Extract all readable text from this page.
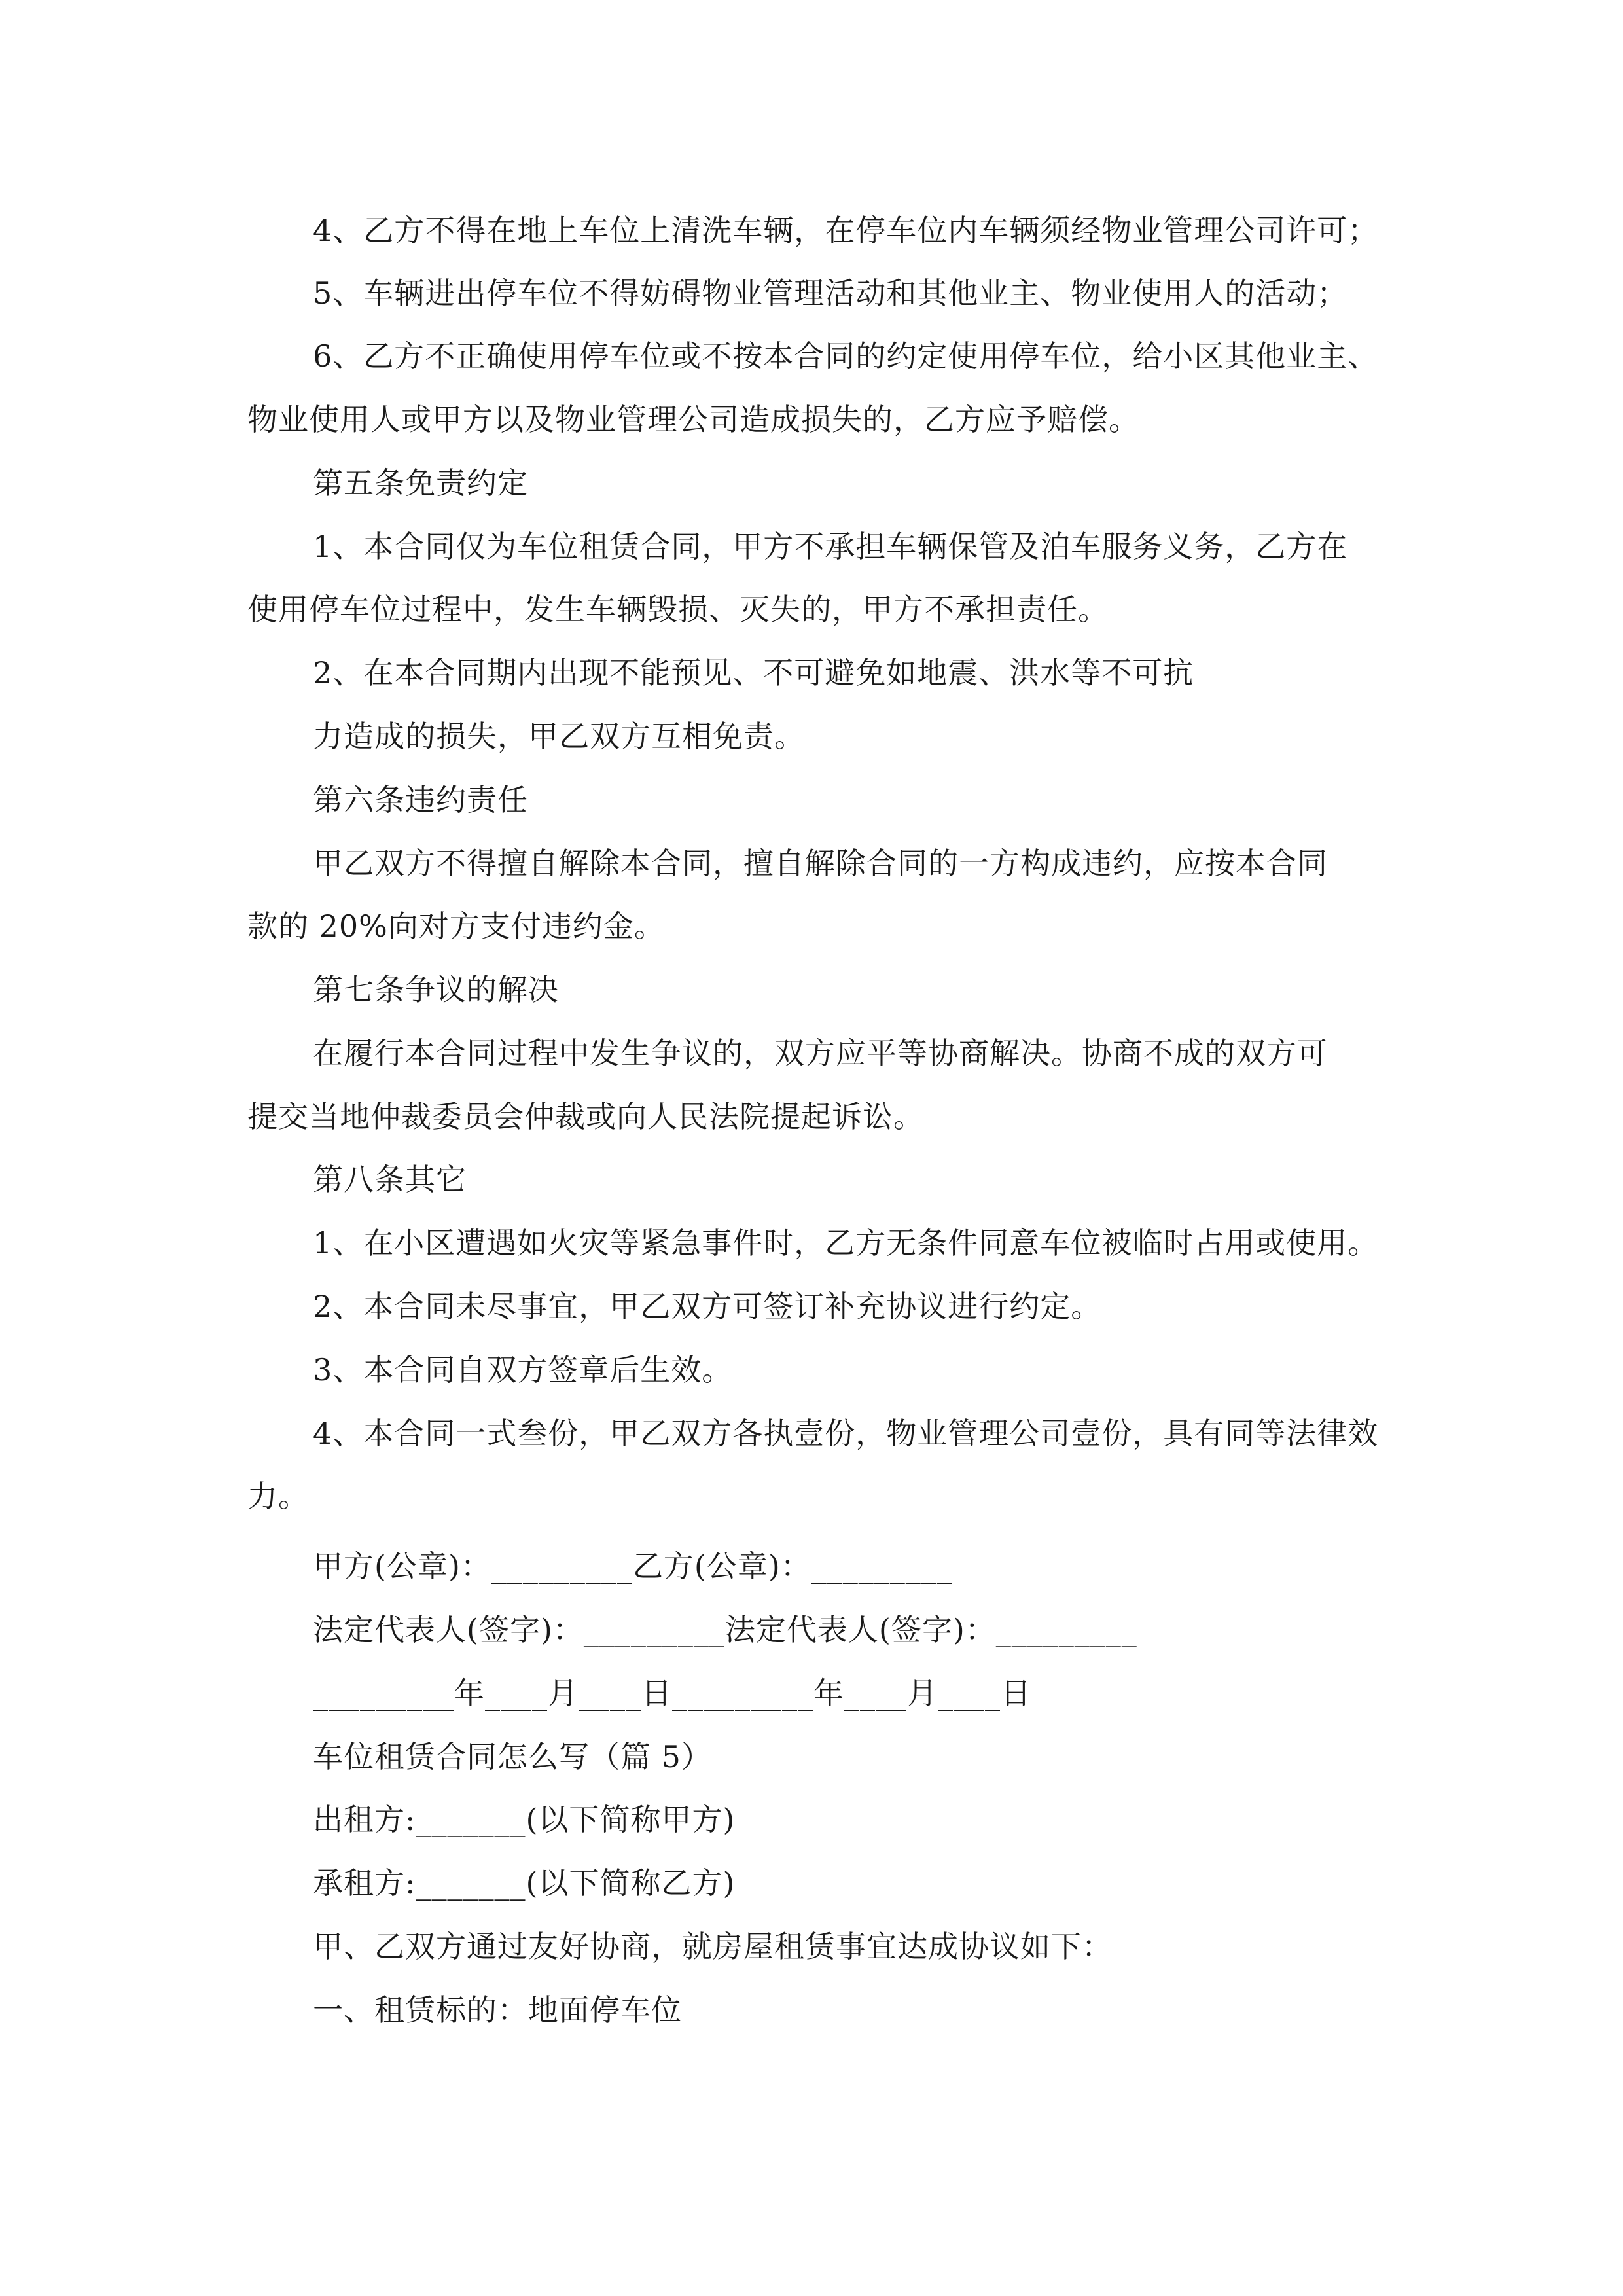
4、乙方不得在地上车位上清洗车辆，在停车位内车辆须经物业管理公司许可；
5、车辆进出停车位不得妨碍物业管理活动和其他业主、物业使用人的活动；
6、乙方不正确使用停车位或不按本合同的约定使用停车位，给小区其他业主、
物业使用人或甲方以及物业管理公司造成损失的，乙方应予赔偿。
第五条免责约定
1、本合同仅为车位租赁合同，甲方不承担车辆保管及泊车服务义务，乙方在
使用停车位过程中，发生车辆毁损、灭失的，甲方不承担责任。
2、在本合同期内出现不能预见、不可避免如地震、洪水等不可抗
力造成的损失，甲乙双方互相免责。
第六条违约责任
甲乙双方不得擅自解除本合同，擅自解除合同的一方构成违约，应按本合同
款的 20%向对方支付违约金。
第七条争议的解决
在履行本合同过程中发生争议的，双方应平等协商解决。协商不成的双方可
提交当地仲裁委员会仲裁或向人民法院提起诉讼。
第八条其它
1、在小区遭遇如火灾等紧急事件时，乙方无条件同意车位被临时占用或使用。
2、本合同未尽事宜，甲乙双方可签订补充协议进行约定。
3、本合同自双方签章后生效。
4、本合同一式叁份，甲乙双方各执壹份，物业管理公司壹份，具有同等法律效
力。
甲方(公章)：_________乙方(公章)：_________
法定代表人(签字)：_________法定代表人(签字)：_________
_________年____月____日_________年____月____日
车位租赁合同怎么写（篇 5）
出租方:_______(以下简称甲方)
承租方:_______(以下简称乙方)
甲、乙双方通过友好协商，就房屋租赁事宜达成协议如下：
一、租赁标的：地面停车位
